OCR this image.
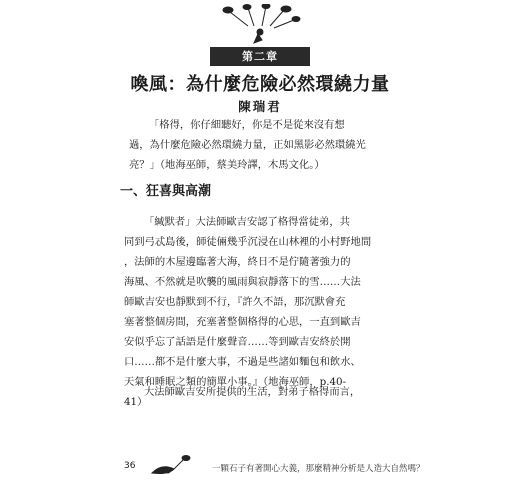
第二章
喚風：為什麼危險必然環繞力量
陳瑞君

「格得，你仔細聽好，你是不是從來沒有想

過，為什麼危險必然環繞力量，正如黑影必然環繞光

亮？」（地海巫師，蔡美玲譯，木馬文化。）

一、狂喜與高潮

「緘默者」大法師歐吉安認了格得當徒弟，共

同到弓忒島後，師徒倆幾乎沉浸在山林裡的小村野地間

，法師的木屋邊臨著大海，終日不是佇隨著強力的

海風、不然就是吹襲的風雨與寂靜落下的雪……大法

師歐吉安也靜默到不行，『許久不語，那沉默會充

塞著整個房間，充塞著整個格得的心思，一直到歐吉

安似乎忘了話語是什麼聲音……等到歐吉安終於開

口……都不是什麼大事，不過是些諸如麵包和飲水、

天氣和睡眠之類的簡單小事。』（地海巫師，p.40-

41）

大法師歐吉安所提供的生活，對弟子格得而言，

36	一顆石子有著開心大義，那麼精神分析是人造大自然嗎？
